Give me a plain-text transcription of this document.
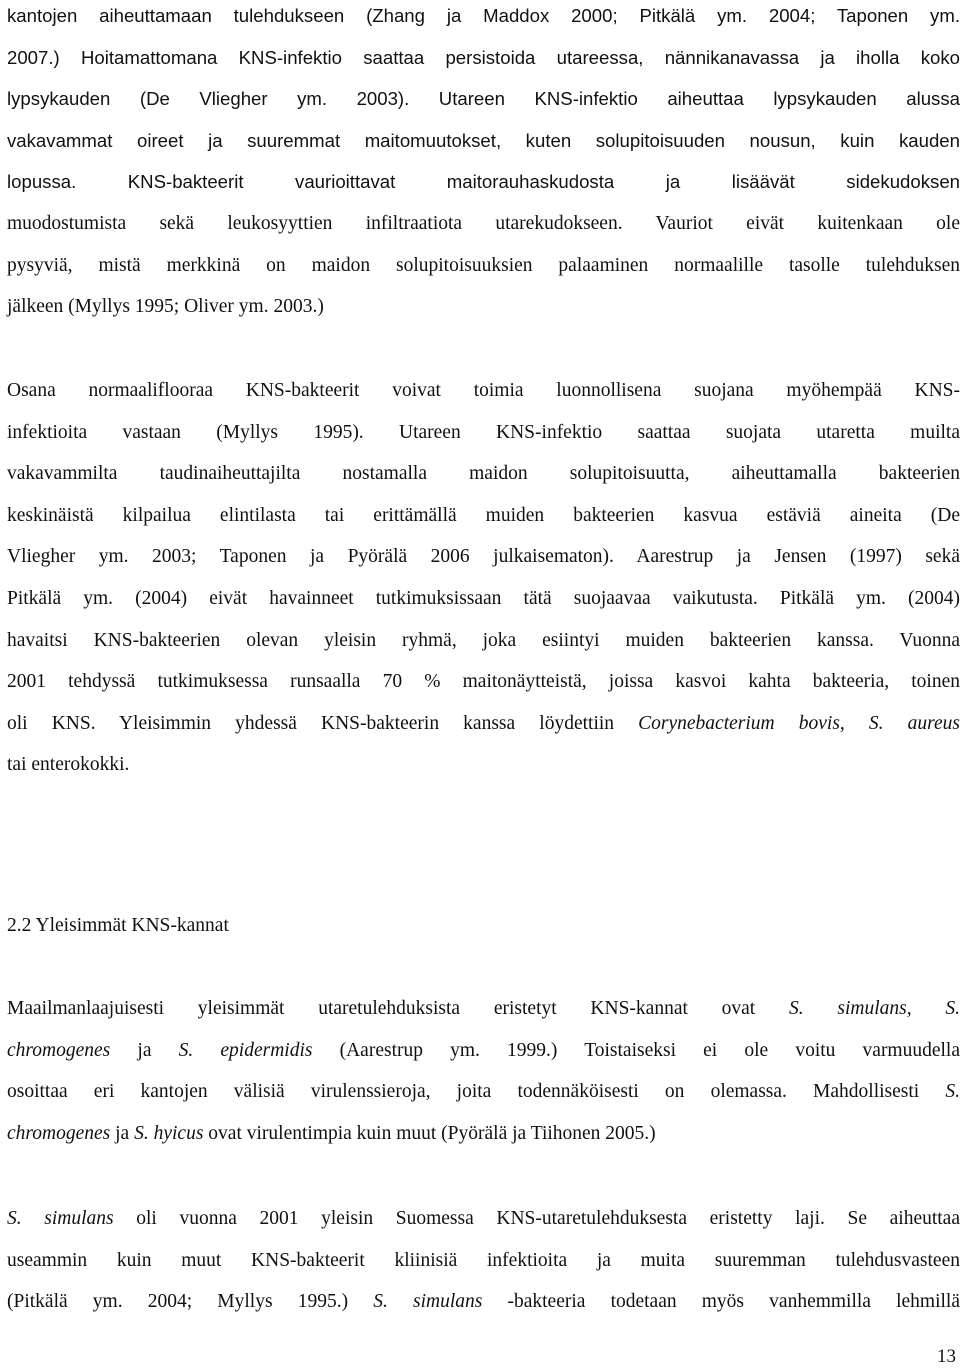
kantojen aiheuttamaan tulehdukseen (Zhang ja Maddox 2000; Pitkälä ym. 2004; Taponen ym.
2007.) Hoitamattomana KNS-infektio saattaa persistoida utareessa, nännikanavassa ja iholla koko
lypsykauden (De Vliegher ym. 2003). Utareen KNS-infektio aiheuttaa lypsykauden alussa
vakavammat oireet ja suuremmat maitomuutokset, kuten solupitoisuuden nousun, kuin kauden
lopussa. KNS-bakteerit vaurioittavat maitorauhaskudosta ja lisäävät sidekudoksen
muodostumista sekä leukosyyttien infiltraatiota utarekudokseen. Vauriot eivät kuitenkaan ole
pysyviä, mistä merkkinä on maidon solupitoisuuksien palaaminen normaalille tasolle tulehduksen
jälkeen (Myllys 1995; Oliver ym. 2003.)
Osana normaaliflooraa KNS-bakteerit voivat toimia luonnollisena suojana myöhempää KNS-
infektioita vastaan (Myllys 1995). Utareen KNS-infektio saattaa suojata utaretta muilta
vakavammilta taudinaiheuttajilta nostamalla maidon solupitoisuutta, aiheuttamalla bakteerien
keskinäistä kilpailua elintilasta tai erittämällä muiden bakteerien kasvua estäviä aineita (De
Vliegher ym. 2003; Taponen ja Pyörälä 2006 julkaisematon). Aarestrup ja Jensen (1997) sekä
Pitkälä ym. (2004) eivät havainneet tutkimuksissaan tätä suojaavaa vaikutusta. Pitkälä ym. (2004)
havaitsi KNS-bakteerien olevan yleisin ryhmä, joka esiintyi muiden bakteerien kanssa. Vuonna
2001 tehdyssä tutkimuksessa runsaalla 70 % maitonäytteistä, joissa kasvoi kahta bakteeria, toinen
oli KNS. Yleisimmin yhdessä KNS-bakteerin kanssa löydettiin Corynebacterium bovis, S. aureus
tai enterokokki.
2.2 Yleisimmät KNS-kannat
Maailmanlaajuisesti yleisimmät utaretulehduksista eristetyt KNS-kannat ovat S. simulans, S.
chromogenes ja S. epidermidis (Aarestrup ym. 1999.) Toistaiseksi ei ole voitu varmuudella
osoittaa eri kantojen välisiä virulenssieroja, joita todennäköisesti on olemassa. Mahdollisesti S.
chromogenes ja S. hyicus ovat virulentimpia kuin muut (Pyörälä ja Tiihonen 2005.)
S. simulans oli vuonna 2001 yleisin Suomessa KNS-utaretulehduksesta eristetty laji. Se aiheuttaa
useammin kuin muut KNS-bakteerit kliinisiä infektioita ja muita suuremman tulehdusvasteen
(Pitkälä ym. 2004; Myllys 1995.) S. simulans -bakteeria todetaan myös vanhemmilla lehmillä
13
